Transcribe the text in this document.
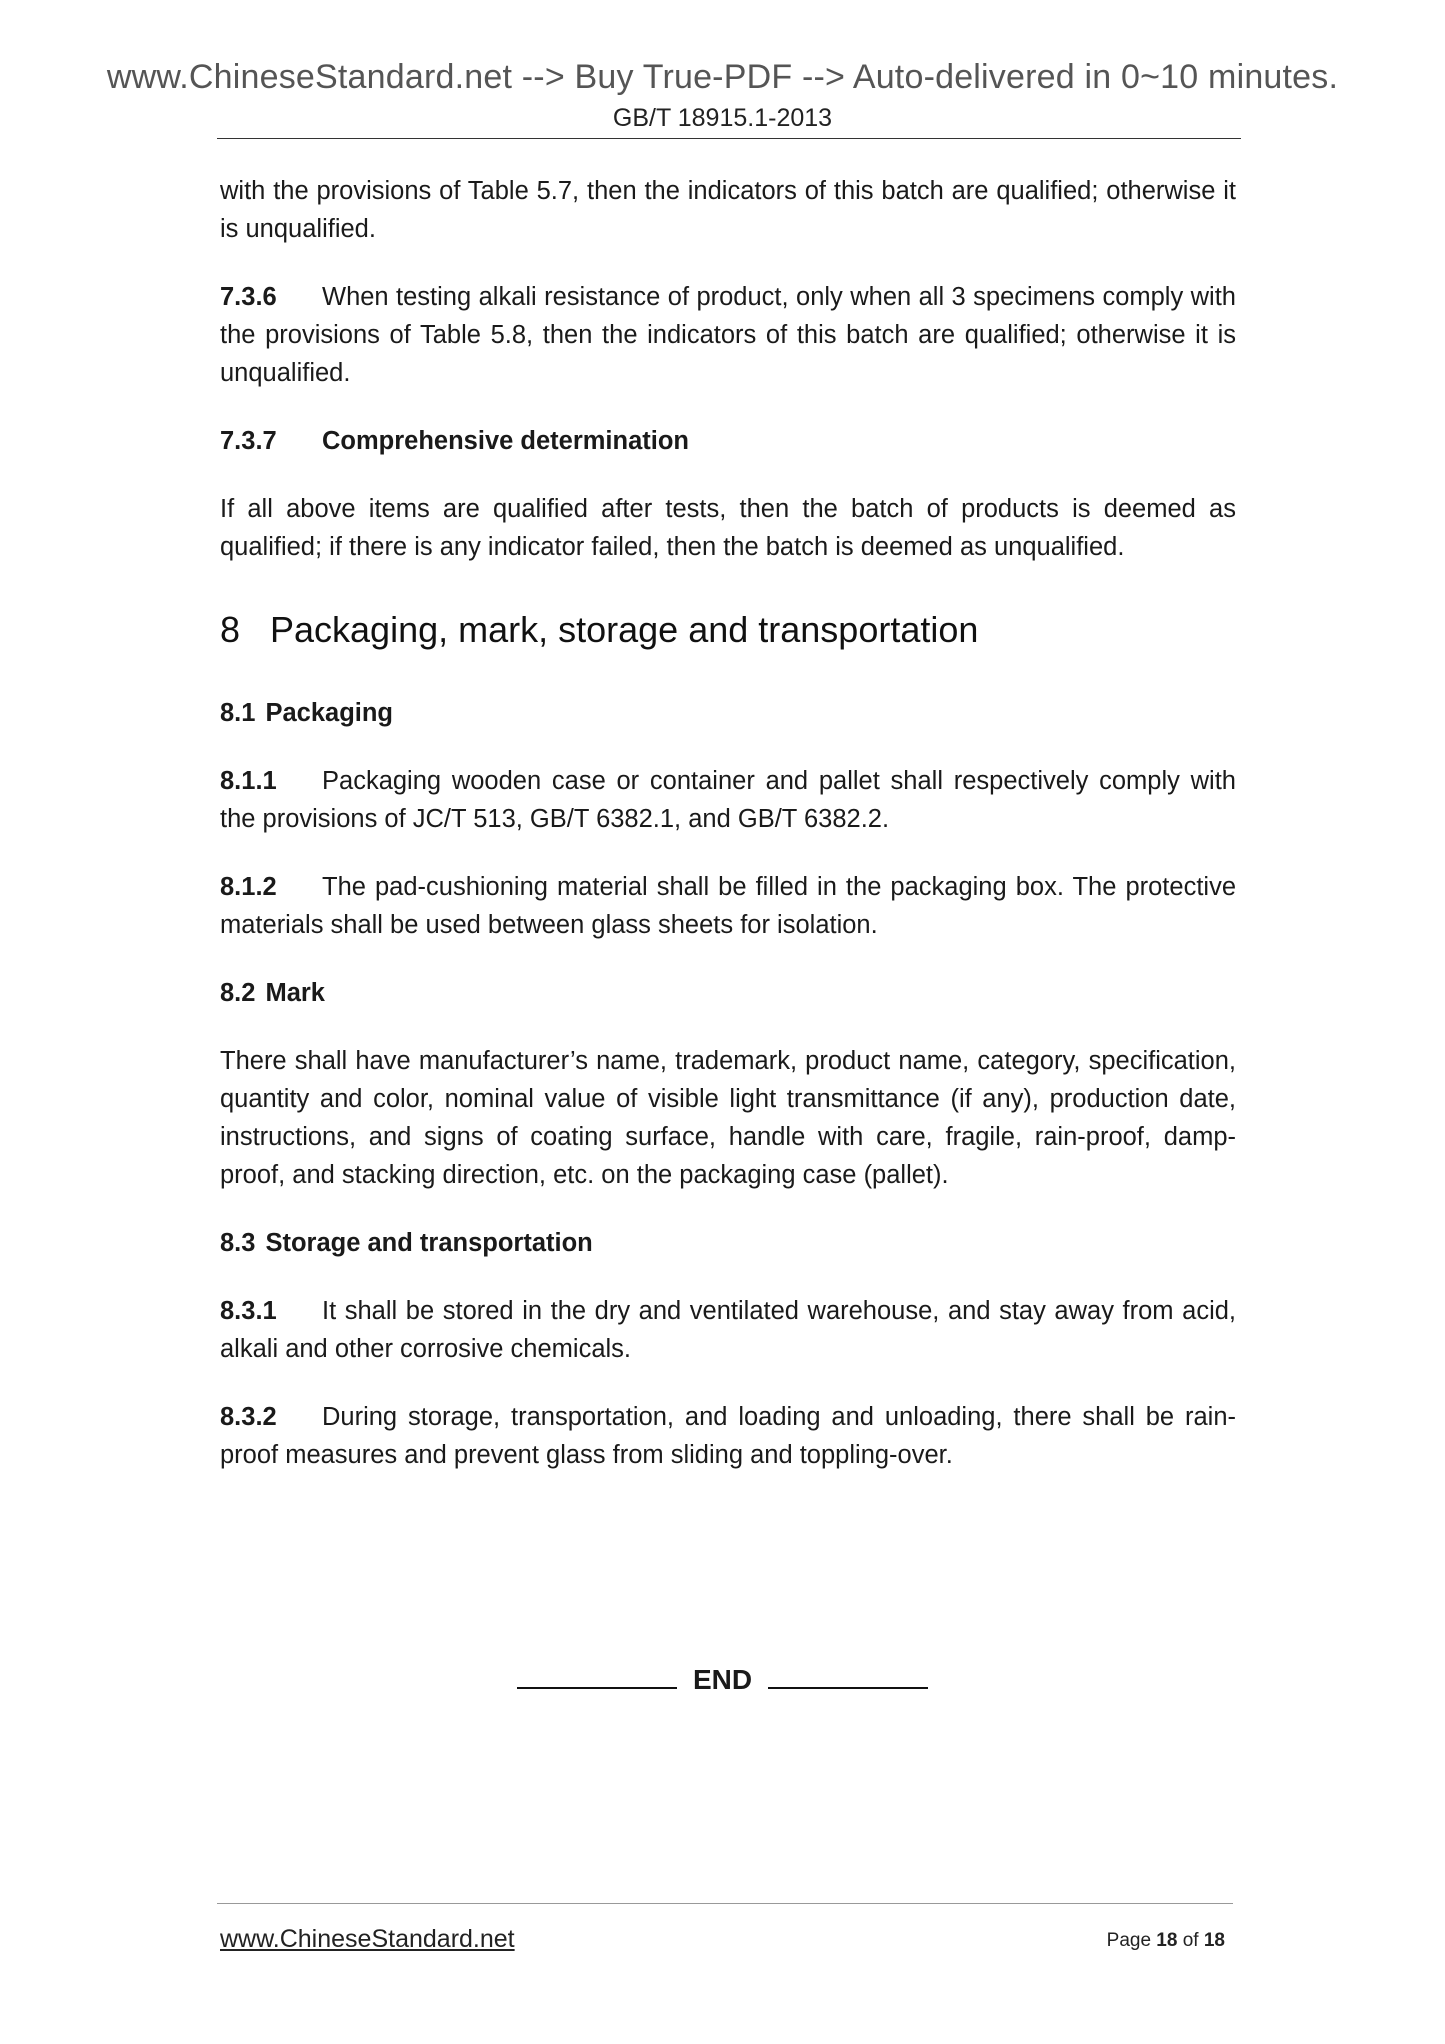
www.ChineseStandard.net --> Buy True-PDF --> Auto-delivered in 0~10 minutes.
GB/T 18915.1-2013

with the provisions of Table 5.7, then the indicators of this batch are qualified; otherwise it is unqualified.

7.3.6 When testing alkali resistance of product, only when all 3 specimens comply with the provisions of Table 5.8, then the indicators of this batch are qualified; otherwise it is unqualified.

7.3.7 Comprehensive determination

If all above items are qualified after tests, then the batch of products is deemed as qualified; if there is any indicator failed, then the batch is deemed as unqualified.

8 Packaging, mark, storage and transportation
8.1 Packaging

8.1.1 Packaging wooden case or container and pallet shall respectively comply with the provisions of JC/T 513, GB/T 6382.1, and GB/T 6382.2.

8.1.2 The pad-cushioning material shall be filled in the packaging box. The protective materials shall be used between glass sheets for isolation.

8.2 Mark

There shall have manufacturer’s name, trademark, product name, category, specification, quantity and color, nominal value of visible light transmittance (if any), production date, instructions, and signs of coating surface, handle with care, fragile, rain-proof, damp-proof, and stacking direction, etc. on the packaging case (pallet).

8.3 Storage and transportation

8.3.1 It shall be stored in the dry and ventilated warehouse, and stay away from acid, alkali and other corrosive chemicals.

8.3.2 During storage, transportation, and loading and unloading, there shall be rain-proof measures and prevent glass from sliding and toppling-over.

END
www.ChineseStandard.net	Page 18 of 18
